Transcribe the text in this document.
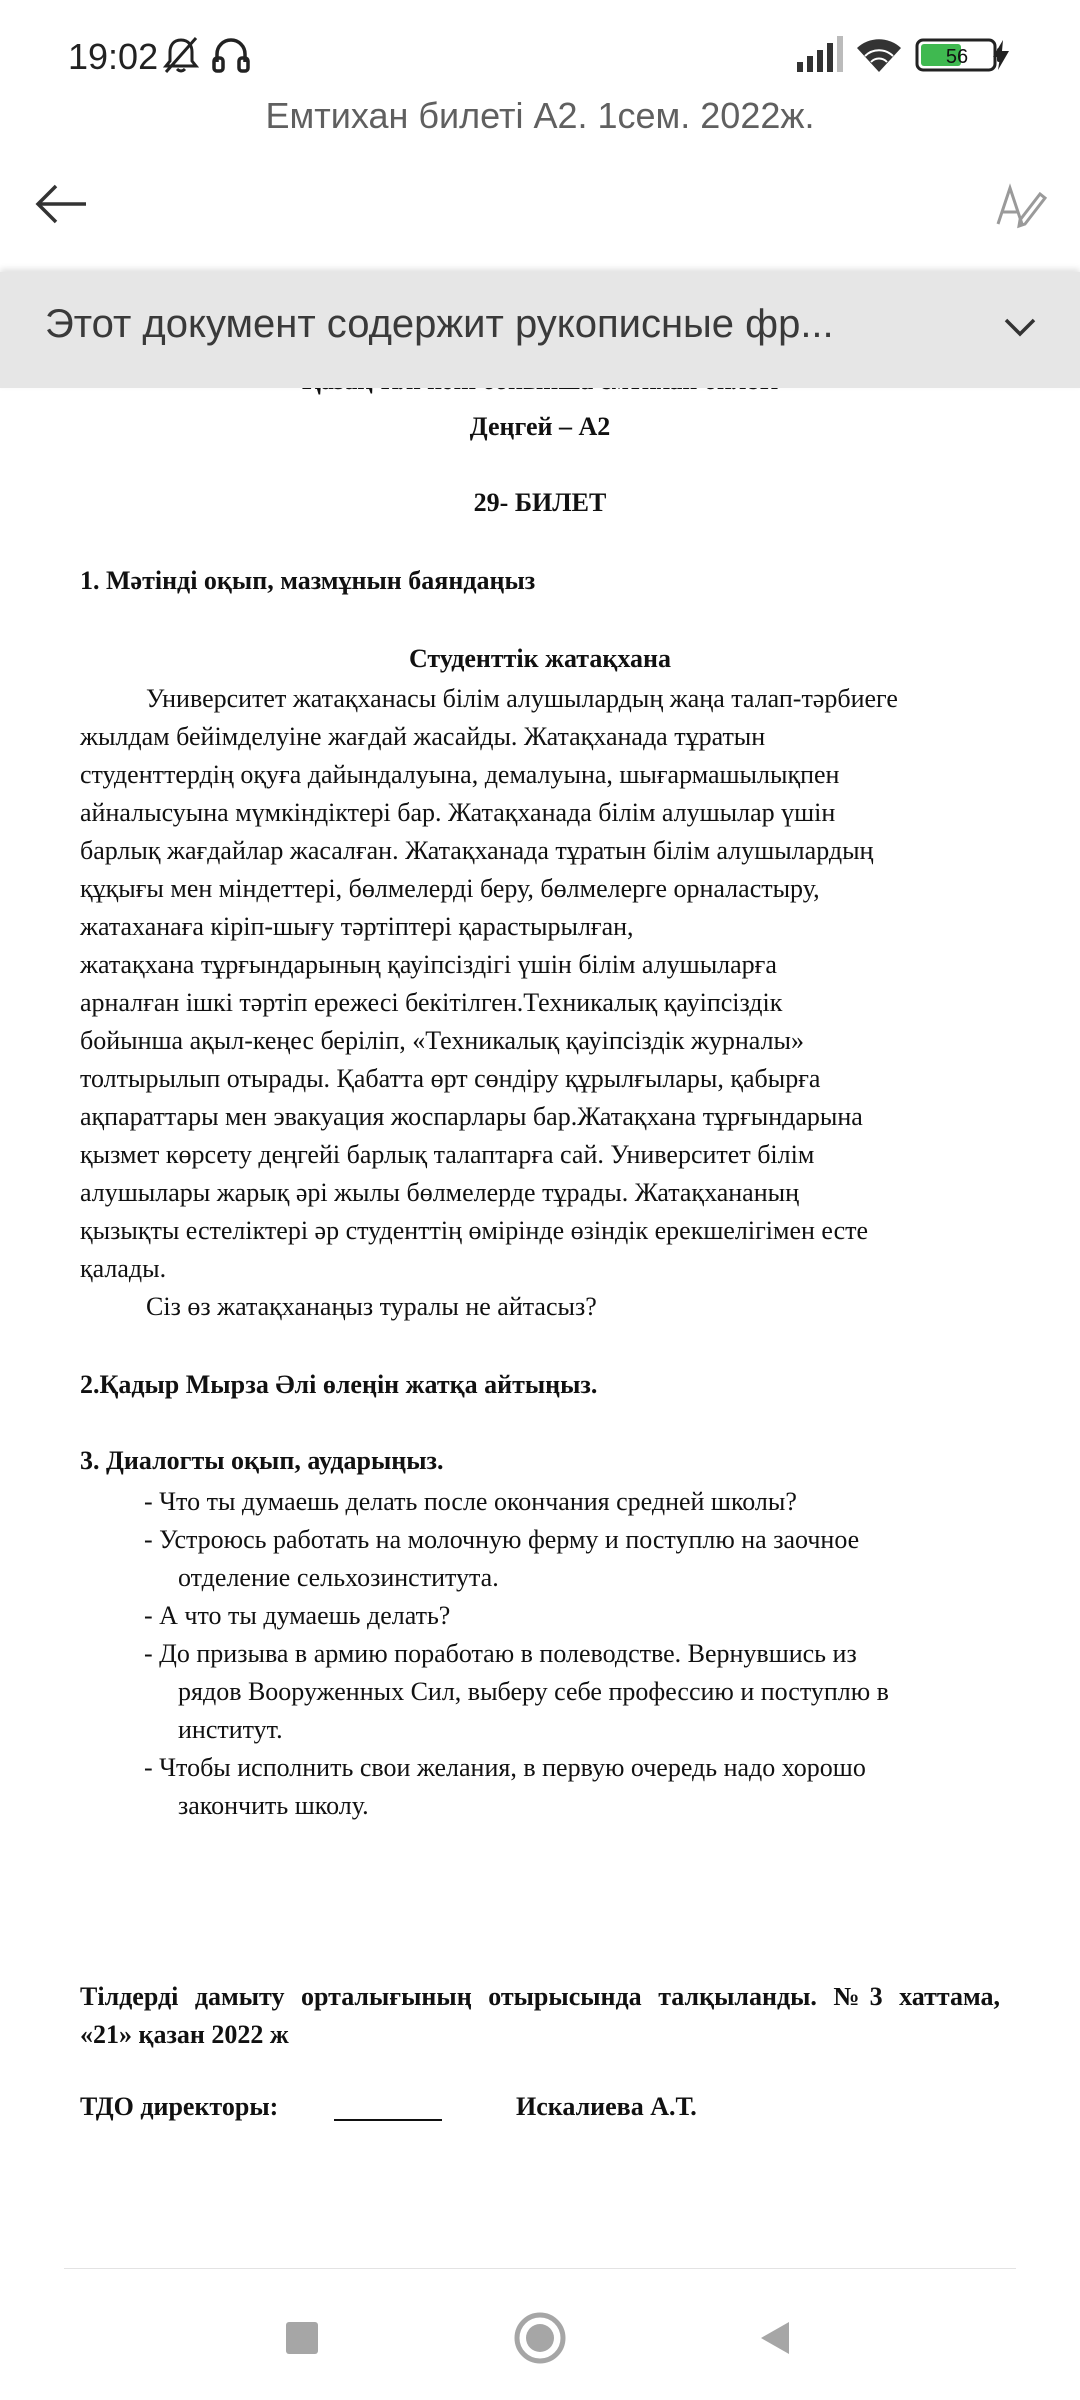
19:02	56
Емтихан билеті А2. 1сем. 2022ж.
Деңгей – А2
29- БИЛЕТ
1. Мәтінді оқып, мазмұнын баяндаңыз
Студенттік жатақхана
Университет жатақханасы білім алушылардың жаңа талап-тәрбиеге
жылдам бейімделуіне жағдай жасайды. Жатақханада тұратын
студенттердің оқуға дайындалуына, демалуына, шығармашылықпен
айналысуына мүмкіндіктері бар. Жатақханада білім алушылар үшін
барлық жағдайлар жасалған. Жатақханада тұратын білім алушылардың
құқығы мен міндеттері, бөлмелерді беру, бөлмелерге орналастыру,
жатаханаға кіріп-шығу тәртіптері қарастырылған,
жатақхана тұрғындарының қауіпсіздігі үшін білім алушыларға
арналған ішкі тәртіп ережесі бекітілген.Техникалық қауіпсіздік
бойынша ақыл-кеңес беріліп, «Техникалық қауіпсіздік журналы»
толтырылып отырады. Қабатта өрт сөндіру құрылғылары, қабырға
ақпараттары мен эвакуация жоспарлары бар.Жатақхана тұрғындарына
қызмет көрсету деңгейі барлық талаптарға сай. Университет білім
алушылары жарық әрі жылы бөлмелерде тұрады. Жатақхананың
қызықты естеліктері әр студенттің өмірінде өзіндік ерекшелігімен есте
қалады.
Сіз өз жатақханаңыз туралы не айтасыз?
2.Қадыр Мырза Әлі өлеңін жатқа айтыңыз.
3. Диалогты оқып, аударыңыз.
- Что ты думаешь делать после окончания средней школы?
- Устроюсь работать на молочную ферму и поступлю на заочное
отделение сельхозинститута.
- А что ты думаешь делать?
- До призыва в армию поработаю в полеводстве. Вернувшись из
рядов Вооруженных Сил, выберу себе профессию и поступлю в
институт.
- Чтобы исполнить свои желания, в первую очередь надо хорошо
закончить школу.
Тілдерді дамыту орталығының отырысында талқыланды. №3 хаттама,
«21» қазан 2022 ж
ТДО директоры:	Искалиева А.Т.
Этот документ содержит рукописные фр...
